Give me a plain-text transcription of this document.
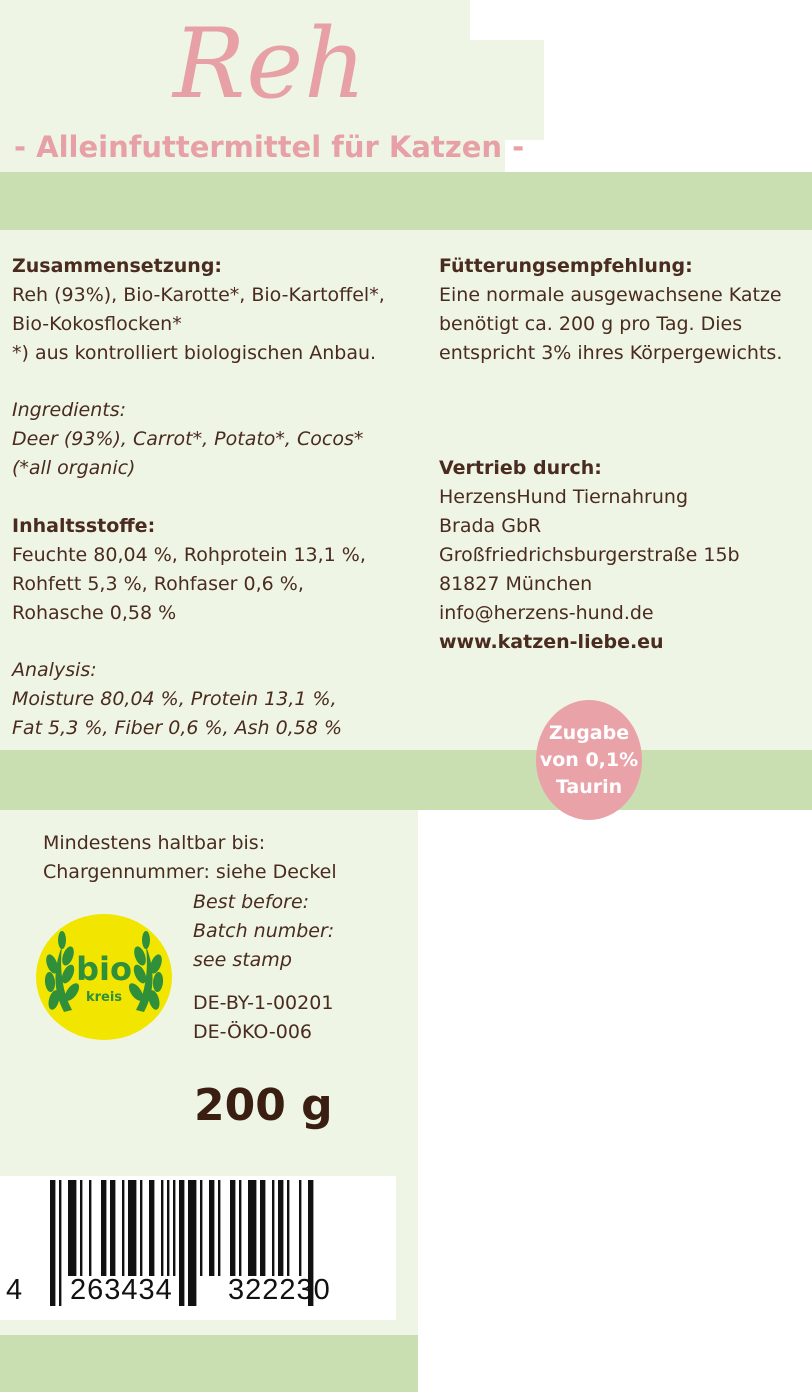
Reh
- Alleinfuttermittel für Katzen -
Zusammensetzung:
Reh (93%), Bio-Karotte*, Bio-Kartoffel*,
Bio-Kokosflocken*
*) aus kontrolliert biologischen Anbau.
Ingredients:
Deer (93%), Carrot*, Potato*, Cocos*
(*all organic)
Inhaltsstoffe:
Feuchte 80,04 %, Rohprotein 13,1 %,
Rohfett 5,3 %, Rohfaser 0,6 %,
Rohasche 0,58 %
Analysis:
Moisture 80,04 %, Protein 13,1 %,
Fat 5,3 %, Fiber 0,6 %, Ash 0,58 %
Fütterungsempfehlung:
Eine normale ausgewachsene Katze
benötigt ca. 200 g pro Tag. Dies
entspricht 3% ihres Körpergewichts.
Vertrieb durch:
HerzensHund Tiernahrung
Brada GbR
Großfriedrichsburgerstraße 15b
81827 München
info@herzens-hund.de
www.katzen-liebe.eu
Zugabe
von 0,1%
Taurin
Mindestens haltbar bis:
Chargennummer: siehe Deckel
Best before:
Batch number:
see stamp
DE-BY-1-00201
DE-ÖKO-006
bio
kreis
200 g
4 263434 322230
